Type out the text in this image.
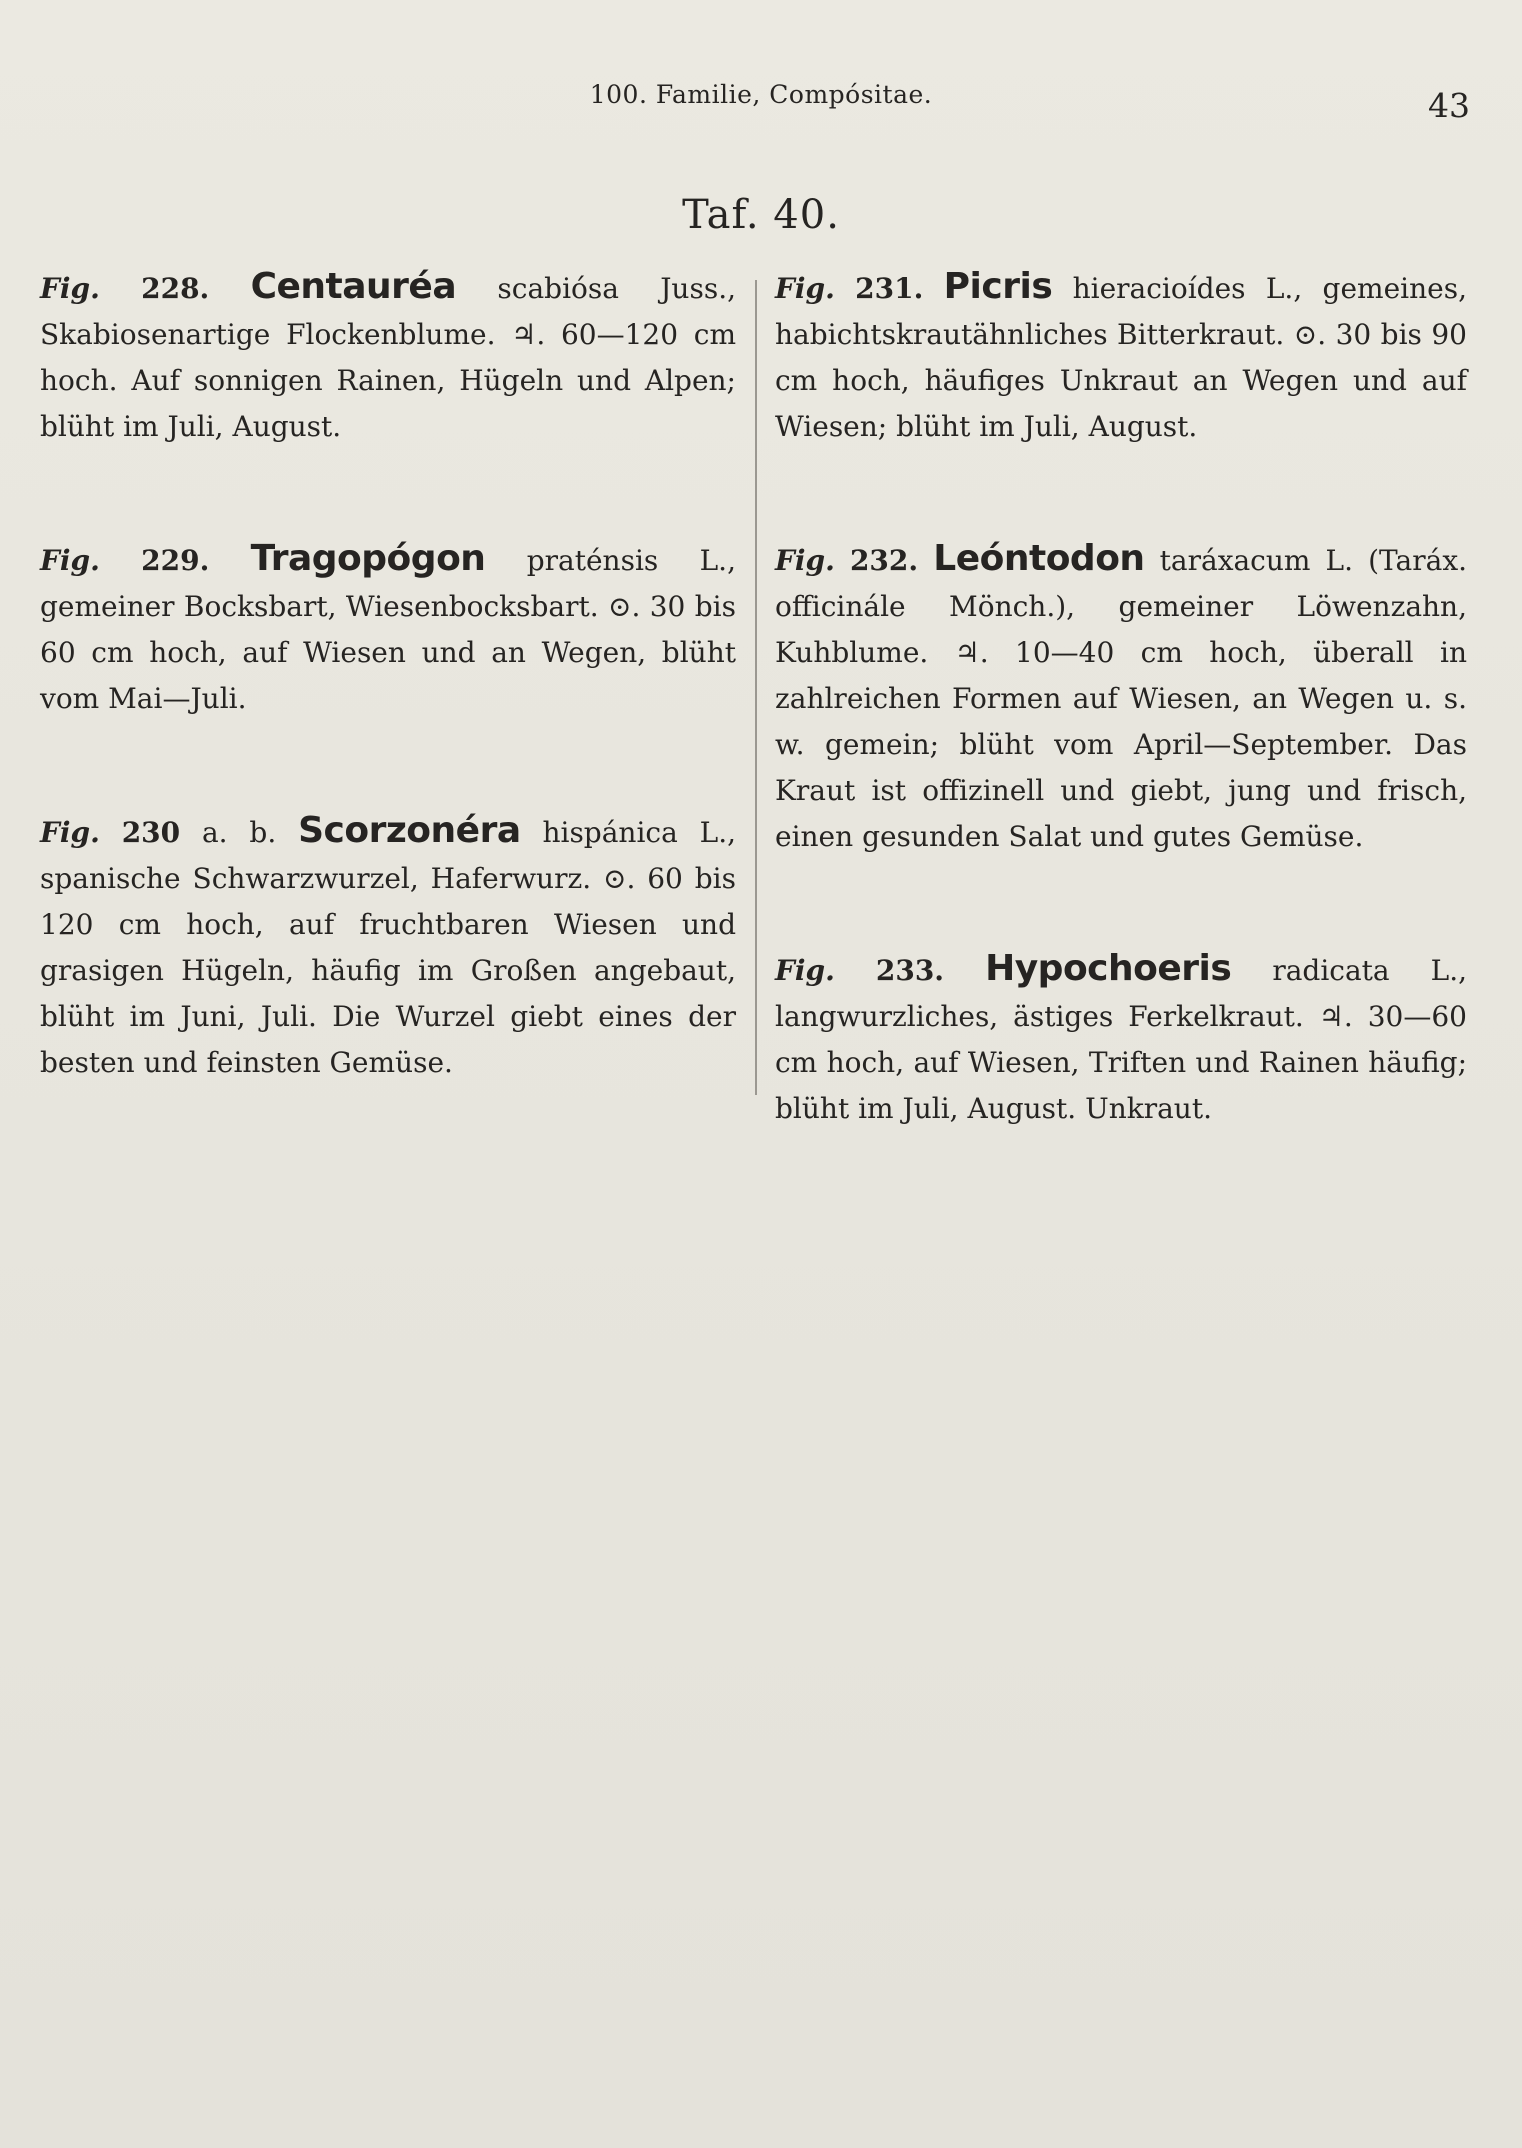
100. Familie, Compósitae.	43
Taf. 40.
Fig. 228. Centauréa scabiósa Juss., Skabiosenartige Flockenblume. ♃. 60—120 cm hoch. Auf sonnigen Rainen, Hügeln und Alpen; blüht im Juli, August.
Fig. 229. Tragopógon praténsis L., gemeiner Bocksbart, Wiesenbocksbart. ⊙. 30 bis 60 cm hoch, auf Wiesen und an Wegen, blüht vom Mai—Juli.
Fig. 230 a. b. Scorzonéra hispánica L., spanische Schwarzwurzel, Haferwurz. ⊙. 60 bis 120 cm hoch, auf fruchtbaren Wiesen und grasigen Hügeln, häufig im Großen angebaut, blüht im Juni, Juli. Die Wurzel giebt eines der besten und feinsten Gemüse.
Fig. 231. Picris hieracioídes L., gemeines, habichtskrautähnliches Bitterkraut. ⊙. 30 bis 90 cm hoch, häufiges Unkraut an Wegen und auf Wiesen; blüht im Juli, August.
Fig. 232. Leóntodon taráxacum L. (Taráx. officinále Mönch.), gemeiner Löwenzahn, Kuhblume. ♃. 10—40 cm hoch, überall in zahlreichen Formen auf Wiesen, an Wegen u. s. w. gemein; blüht vom April—September. Das Kraut ist offizinell und giebt, jung und frisch, einen gesunden Salat und gutes Gemüse.
Fig. 233. Hypochoeris radicata L., langwurzliches, ästiges Ferkelkraut. ♃. 30—60 cm hoch, auf Wiesen, Triften und Rainen häufig; blüht im Juli, August. Unkraut.
